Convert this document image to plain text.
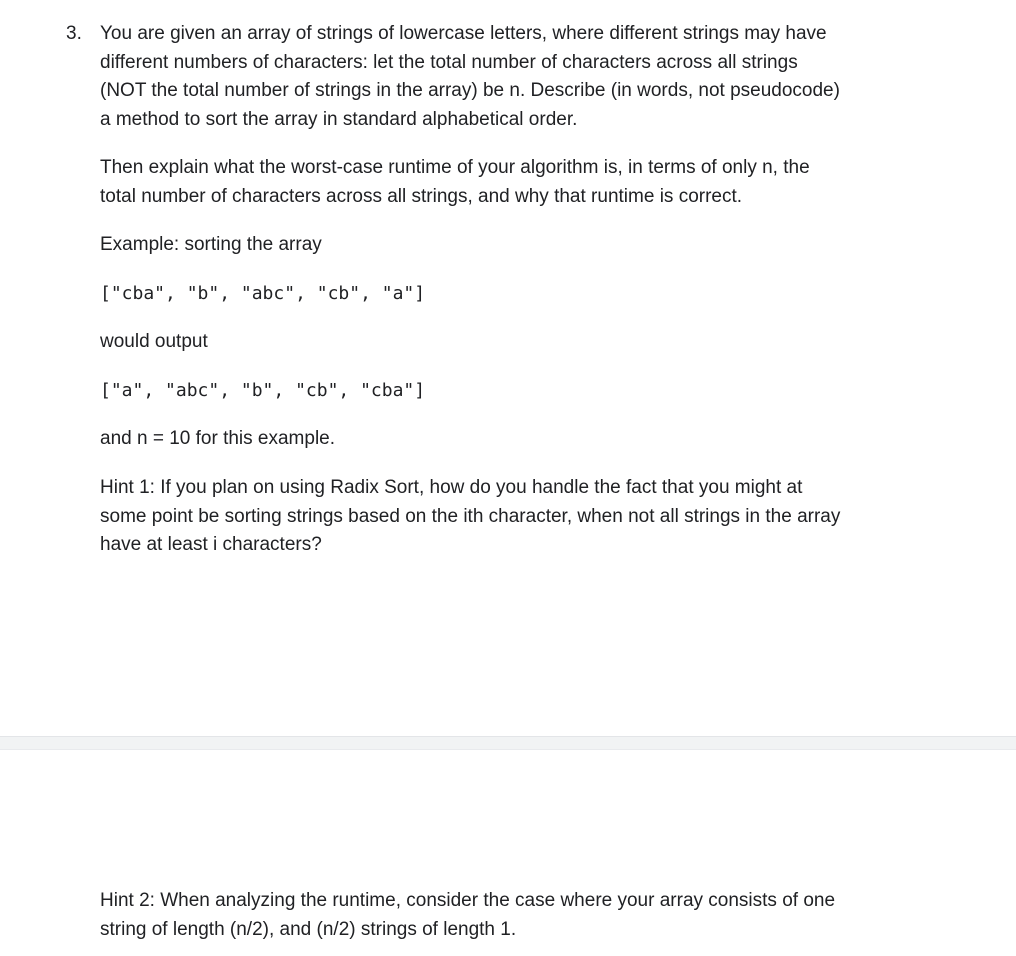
3. You are given an array of strings of lowercase letters, where different strings may have
different numbers of characters: let the total number of characters across all strings
(NOT the total number of strings in the array) be n. Describe (in words, not pseudocode)
a method to sort the array in standard alphabetical order.

Then explain what the worst-case runtime of your algorithm is, in terms of only n, the
total number of characters across all strings, and why that runtime is correct.

Example: sorting the array

["cba", "b", "abc", "cb", "a"]

would output

["a", "abc", "b", "cb", "cba"]

and n = 10 for this example.

Hint 1: If you plan on using Radix Sort, how do you handle the fact that you might at
some point be sorting strings based on the ith character, when not all strings in the array
have at least i characters?

Hint 2: When analyzing the runtime, consider the case where your array consists of one
string of length (n/2), and (n/2) strings of length 1.
